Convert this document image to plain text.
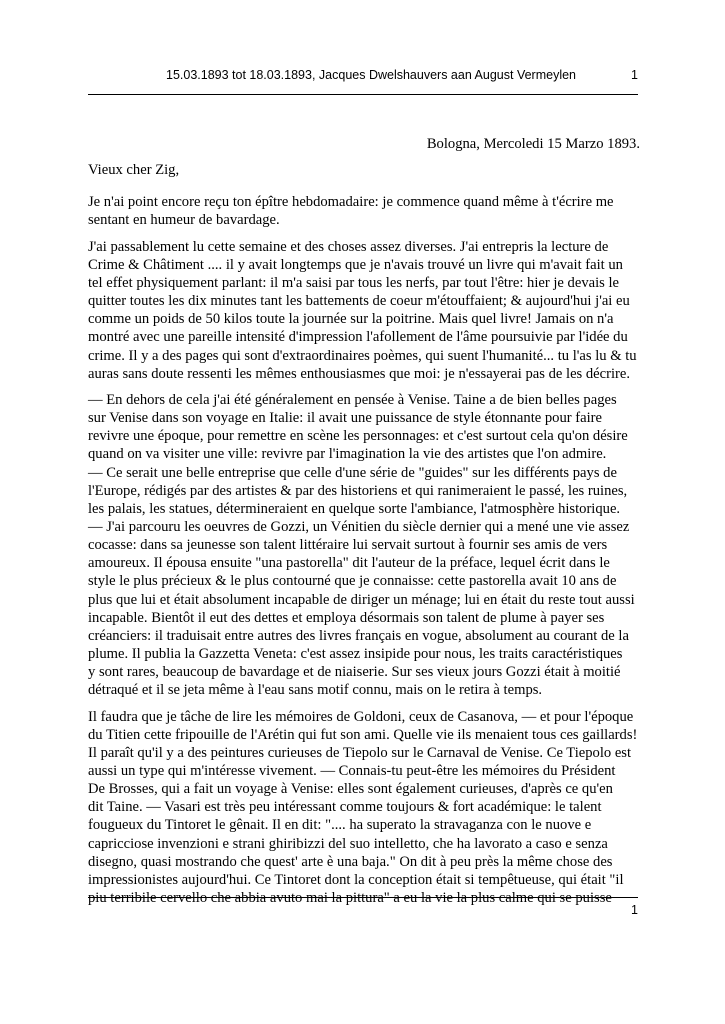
15.03.1893 tot 18.03.1893, Jacques Dwelshauvers aan August Vermeylen	1

Bologna, Mercoledi 15 Marzo 1893.

Vieux cher Zig,

Je n'ai point encore reçu ton épître hebdomadaire: je commence quand même à t'écrire me
sentant en humeur de bavardage.

J'ai passablement lu cette semaine et des choses assez diverses. J'ai entrepris la lecture de
Crime & Châtiment .... il y avait longtemps que je n'avais trouvé un livre qui m'avait fait un
tel effet physiquement parlant: il m'a saisi par tous les nerfs, par tout l'être: hier je devais le
quitter toutes les dix minutes tant les battements de coeur m'étouffaient; & aujourd'hui j'ai eu
comme un poids de 50 kilos toute la journée sur la poitrine. Mais quel livre! Jamais on n'a
montré avec une pareille intensité d'impression l'afollement de l'âme poursuivie par l'idée du
crime. Il y a des pages qui sont d'extraordinaires poèmes, qui suent l'humanité... tu l'as lu & tu
auras sans doute ressenti les mêmes enthousiasmes que moi: je n'essayerai pas de les décrire.

— En dehors de cela j'ai été généralement en pensée à Venise. Taine a de bien belles pages
sur Venise dans son voyage en Italie: il avait une puissance de style étonnante pour faire
revivre une époque, pour remettre en scène les personnages: et c'est surtout cela qu'on désire
quand on va visiter une ville: revivre par l'imagination la vie des artistes que l'on admire.
— Ce serait une belle entreprise que celle d'une série de "guides" sur les différents pays de
l'Europe, rédigés par des artistes & par des historiens et qui ranimeraient le passé, les ruines,
les palais, les statues, détermineraient en quelque sorte l'ambiance, l'atmosphère historique.
— J'ai parcouru les oeuvres de Gozzi, un Vénitien du siècle dernier qui a mené une vie assez
cocasse: dans sa jeunesse son talent littéraire lui servait surtout à fournir ses amis de vers
amoureux. Il épousa ensuite "una pastorella" dit l'auteur de la préface, lequel écrit dans le
style le plus précieux & le plus contourné que je connaisse: cette pastorella avait 10 ans de
plus que lui et était absolument incapable de diriger un ménage; lui en était du reste tout aussi
incapable. Bientôt il eut des dettes et employa désormais son talent de plume à payer ses
créanciers: il traduisait entre autres des livres français en vogue, absolument au courant de la
plume. Il publia la Gazzetta Veneta: c'est assez insipide pour nous, les traits caractéristiques
y sont rares, beaucoup de bavardage et de niaiserie. Sur ses vieux jours Gozzi était à moitié
détraqué et il se jeta même à l'eau sans motif connu, mais on le retira à temps.

Il faudra que je tâche de lire les mémoires de Goldoni, ceux de Casanova, — et pour l'époque
du Titien cette fripouille de l'Arétin qui fut son ami. Quelle vie ils menaient tous ces gaillards!
Il paraît qu'il y a des peintures curieuses de Tiepolo sur le Carnaval de Venise. Ce Tiepolo est
aussi un type qui m'intéresse vivement. — Connais-tu peut-être les mémoires du Président
De Brosses, qui a fait un voyage à Venise: elles sont également curieuses, d'après ce qu'en
dit Taine. — Vasari est très peu intéressant comme toujours & fort académique: le talent
fougueux du Tintoret le gênait. Il en dit: ".... ha superato la stravaganza con le nuove e
capricciose invenzioni e strani ghiribizzi del suo intelletto, che ha lavorato a caso e senza
disegno, quasi mostrando che quest' arte è una baja." On dit à peu près la même chose des
impressionistes aujourd'hui. Ce Tintoret dont la conception était si tempêtueuse, qui était "il
piu terribile cervello che abbia avuto mai la pittura" a eu la vie la plus calme qui se puisse

1
